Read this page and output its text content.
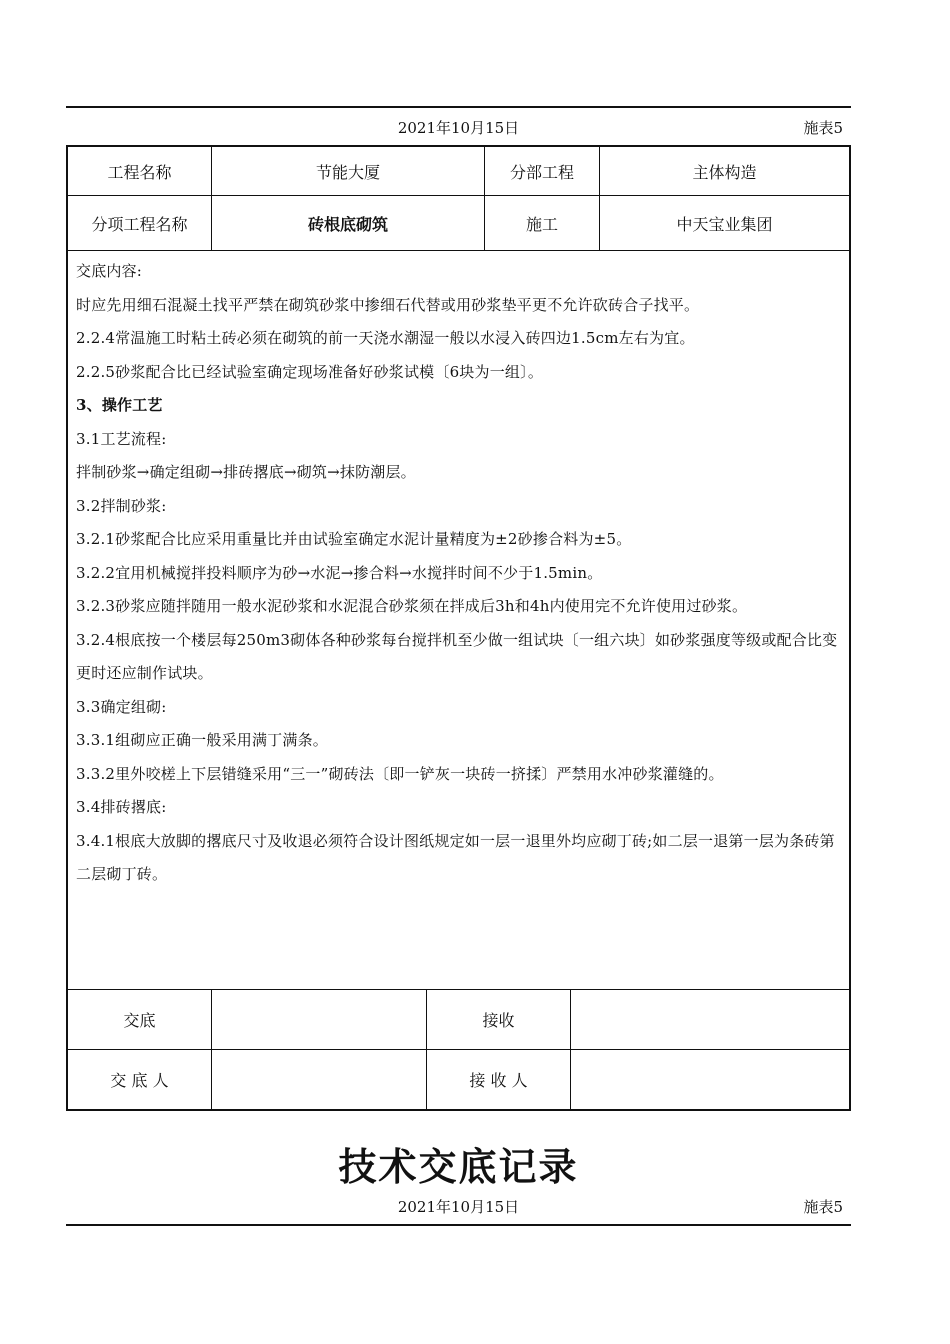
2021年10月15日	施表5
工程名称	节能大厦	分部工程	主体构造
分项工程名称	砖根底砌筑	施工	中天宝业集团
交底内容:
时应先用细石混凝土找平严禁在砌筑砂浆中掺细石代替或用砂浆垫平更不允许砍砖合子找平。
2.2.4常温施工时粘土砖必须在砌筑的前一天浇水潮湿一般以水浸入砖四边1.5cm左右为宜。
2.2.5砂浆配合比已经试验室确定现场准备好砂浆试模〔6块为一组〕。
3、操作工艺
3.1工艺流程:
拌制砂浆→确定组砌→排砖撂底→砌筑→抹防潮层。
3.2拌制砂浆:
3.2.1砂浆配合比应采用重量比并由试验室确定水泥计量精度为±2砂掺合料为±5。
3.2.2宜用机械搅拌投料顺序为砂→水泥→掺合料→水搅拌时间不少于1.5min。
3.2.3砂浆应随拌随用一般水泥砂浆和水泥混合砂浆须在拌成后3h和4h内使用完不允许使用过砂浆。
3.2.4根底按一个楼层每250m3砌体各种砂浆每台搅拌机至少做一组试块〔一组六块〕如砂浆强度等级或配合比变更时还应制作试块。
3.3确定组砌:
3.3.1组砌应正确一般采用满丁满条。
3.3.2里外咬槎上下层错缝采用“三一”砌砖法〔即一铲灰一块砖一挤揉〕严禁用水冲砂浆灌缝的。
3.4排砖撂底:
3.4.1根底大放脚的撂底尺寸及收退必须符合设计图纸规定如一层一退里外均应砌丁砖;如二层一退第一层为条砖第二层砌丁砖。
交底	接收
交 底 人	接 收 人
技术交底记录
2021年10月15日	施表5
